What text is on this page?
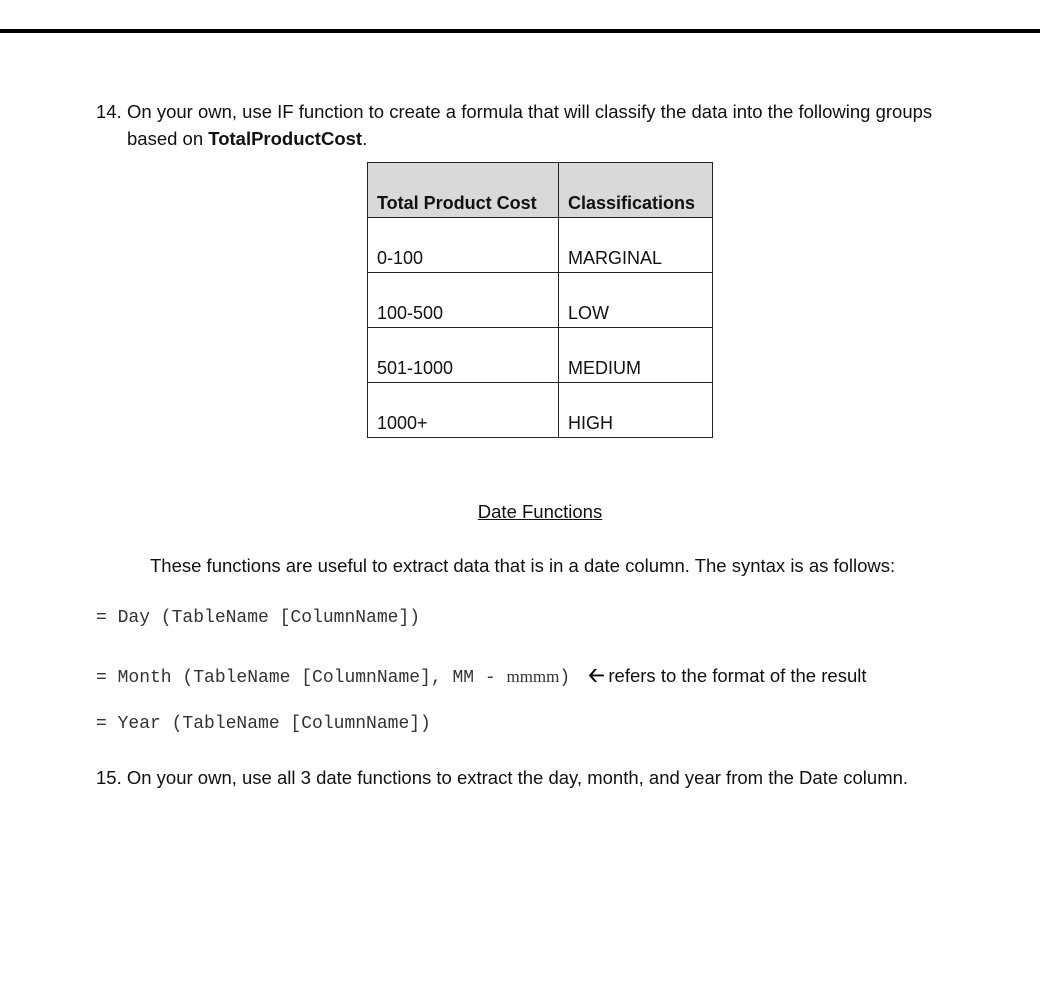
14. On your own, use IF function to create a formula that will classify the data into the following groups
based on TotalProductCost.
Total Product Cost	Classifications
0-100	MARGINAL
100-500	LOW
501-1000	MEDIUM
1000+	HIGH
Date Functions
These functions are useful to extract data that is in a date column. The syntax is as follows:
= Day (TableName [ColumnName])
= Month (TableName [ColumnName], MM - mmmm) 🡠 refers to the format of the result
= Year (TableName [ColumnName])
15. On your own, use all 3 date functions to extract the day, month, and year from the Date column.
